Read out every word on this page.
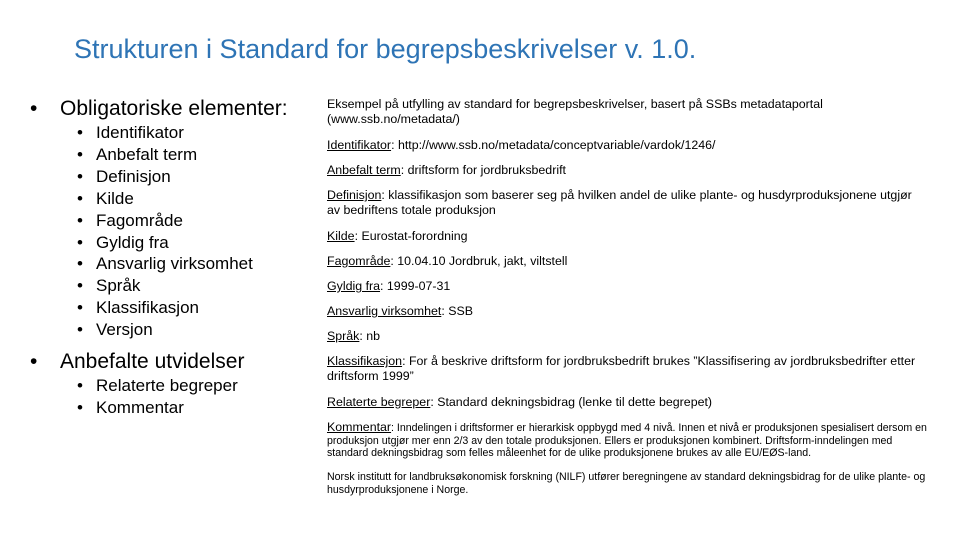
Strukturen i Standard for begrepsbeskrivelser v. 1.0.
•	Obligatoriske elementer:
• Identifikator
• Anbefalt term
• Definisjon
• Kilde
• Fagområde
• Gyldig fra
• Ansvarlig virksomhet
• Språk
• Klassifikasjon
• Versjon
•	Anbefalte utvidelser
• Relaterte begreper
• Kommentar

Eksempel på utfylling av standard for begrepsbeskrivelser, basert på SSBs metadataportal (www.ssb.no/metadata/)

Identifikator: http://www.ssb.no/metadata/conceptvariable/vardok/1246/

Anbefalt term: driftsform for jordbruksbedrift

Definisjon: klassifikasjon som baserer seg på hvilken andel de ulike plante- og husdyrproduksjonene utgjør av bedriftens totale produksjon

Kilde: Eurostat-forordning

Fagområde: 10.04.10 Jordbruk, jakt, viltstell

Gyldig fra: 1999-07-31

Ansvarlig virksomhet: SSB

Språk: nb

Klassifikasjon: For å beskrive driftsform for jordbruksbedrift brukes ”Klassifisering av jordbruksbedrifter etter driftsform 1999”

Relaterte begreper: Standard dekningsbidrag (lenke til dette begrepet)

Kommentar: Inndelingen i driftsformer er hierarkisk oppbygd med 4 nivå. Innen et nivå er produksjonen spesialisert dersom en produksjon utgjør mer enn 2/3 av den totale produksjonen. Ellers er produksjonen kombinert. Driftsform-inndelingen med standard dekningsbidrag som felles måleenhet for de ulike produksjonene brukes av alle EU/EØS-land.

Norsk institutt for landbruksøkonomisk forskning (NILF) utfører beregningene av standard dekningsbidrag for de ulike plante- og husdyrproduksjonene i Norge.
